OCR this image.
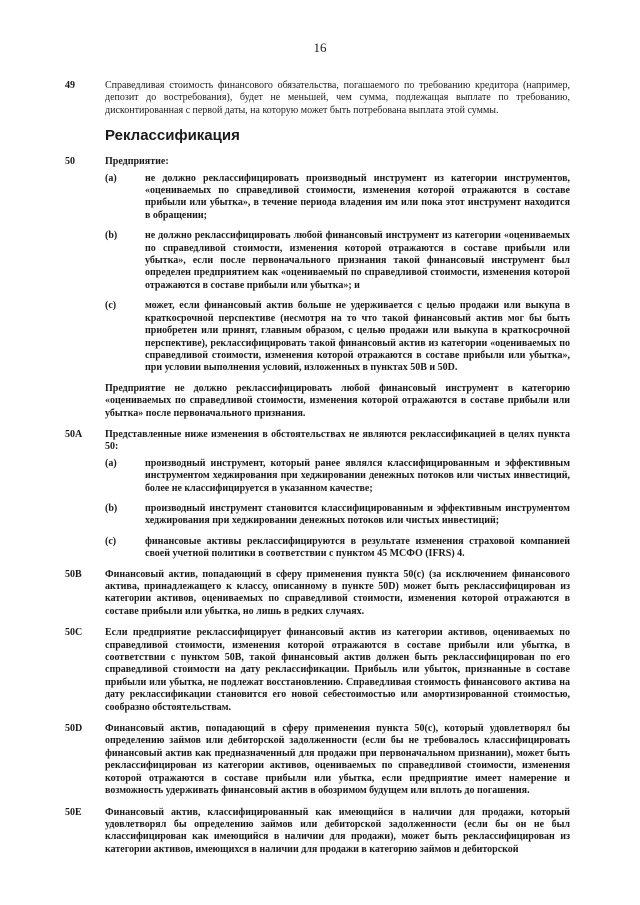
16
49	Справедливая стоимость финансового обязательства, погашаемого по требованию кредитора (например, депозит до востребования), будет не меньшей, чем сумма, подлежащая выплате по требованию, дисконтированная с первой даты, на которую может быть потребована выплата этой суммы.
Реклассификация
50	Предприятие:
(a)	не должно реклассифицировать производный инструмент из категории инструментов, «оцениваемых по справедливой стоимости, изменения которой отражаются в составе прибыли или убытка», в течение периода владения им или пока этот инструмент находится в обращении;
(b)	не должно реклассифицировать любой финансовый инструмент из категории «оцениваемых по справедливой стоимости, изменения которой отражаются в составе прибыли или убытка», если после первоначального признания такой финансовый инструмент был определен предприятием как «оцениваемый по справедливой стоимости, изменения которой отражаются в составе прибыли или убытка»; и
(c)	может, если финансовый актив больше не удерживается с целью продажи или выкупа в краткосрочной перспективе (несмотря на то что такой финансовый актив мог бы быть приобретен или принят, главным образом, с целью продажи или выкупа в краткосрочной перспективе), реклассифицировать такой финансовый актив из категории «оцениваемых по справедливой стоимости, изменения которой отражаются в составе прибыли или убытка», при условии выполнения условий, изложенных в пунктах 50В и 50D.
Предприятие не должно реклассифицировать любой финансовый инструмент в категорию «оцениваемых по справедливой стоимости, изменения которой отражаются в составе прибыли или убытка» после первоначального признания.
50A	Представленные ниже изменения в обстоятельствах не являются реклассификацией в целях пункта 50:
(a)	производный инструмент, который ранее являлся классифицированным и эффективным инструментом хеджирования при хеджировании денежных потоков или чистых инвестиций, более не классифицируется в указанном качестве;
(b)	производный инструмент становится классифицированным и эффективным инструментом хеджирования при хеджировании денежных потоков или чистых инвестиций;
(c)	финансовые активы реклассифицируются в результате изменения страховой компанией своей учетной политики в соответствии с пунктом 45 МСФО (IFRS) 4.
50B	Финансовый актив, попадающий в сферу применения пункта 50(с) (за исключением финансового актива, принадлежащего к классу, описанному в пункте 50D) может быть реклассифицирован из категории активов, оцениваемых по справедливой стоимости, изменения которой отражаются в составе прибыли или убытка, но лишь в редких случаях.
50C	Если предприятие реклассифицирует финансовый актив из категории активов, оцениваемых по справедливой стоимости, изменения которой отражаются в составе прибыли или убытка, в соответствии с пунктом 50В, такой финансовый актив должен быть реклассифицирован по его справедливой стоимости на дату реклассификации. Прибыль или убыток, признанные в составе прибыли или убытка, не подлежат восстановлению. Справедливая стоимость финансового актива на дату реклассификации становится его новой себестоимостью или амортизированной стоимостью, сообразно обстоятельствам.
50D	Финансовый актив, попадающий в сферу применения пункта 50(с), который удовлетворял бы определению займов или дебиторской задолженности (если бы не требовалось классифицировать финансовый актив как предназначенный для продажи при первоначальном признании), может быть реклассифицирован из категории активов, оцениваемых по справедливой стоимости, изменения которой отражаются в составе прибыли или убытка, если предприятие имеет намерение и возможность удерживать финансовый актив в обозримом будущем или вплоть до погашения.
50E	Финансовый актив, классифицированный как имеющийся в наличии для продажи, который удовлетворял бы определению займов или дебиторской задолженности (если бы он не был классифицирован как имеющийся в наличии для продажи), может быть реклассифицирован из категории активов, имеющихся в наличии для продажи в категорию займов и дебиторской
